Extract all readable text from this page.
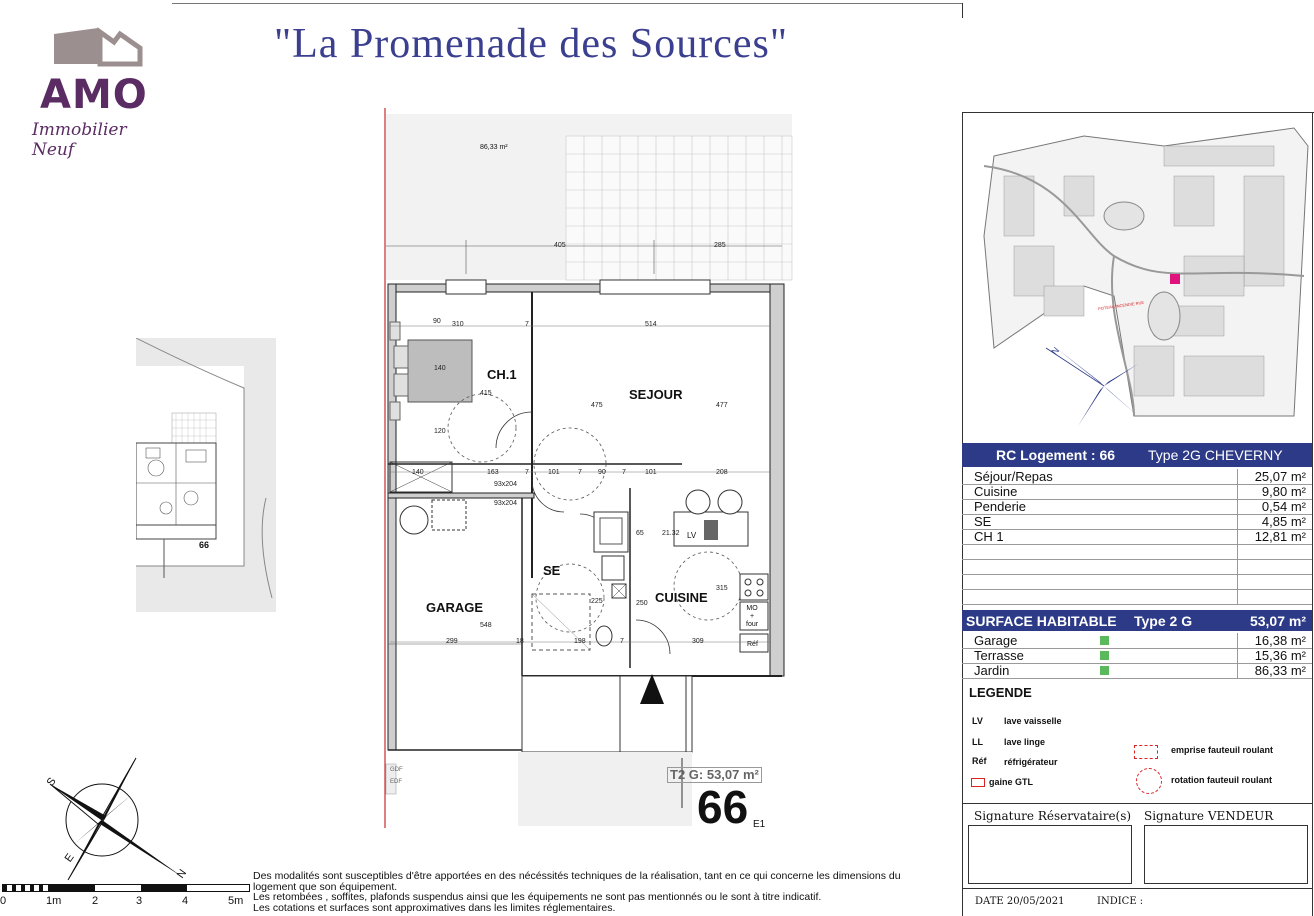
AMO
Immobilier Neuf
"La Promenade des Sources"
66
86,33 m²
405	285
90 310	7	514
140	163	7	101	7 90 7	101	208
140
120
415
475	477
548
250
315
225
65	21.32
93x204
93x204
299	18	198	7	309
CH.1
SEJOUR
GARAGE
SE
CUISINE
LV
MO
+
four
Réf
GDF
EDF	T2 G: 53,07 m²
66 E1
S
E
N
0	1m	2	3	4	5m
Des modalités sont susceptibles d'être apportées en des nécéssités techniques de la réalisation, tant en ce qui concerne les dimensions du
logement que son équipement.
Les retombées , soffites, plafonds suspendus ainsi que les équipements ne sont pas mentionnés ou le sont à titre indicatif.
Les cotations et surfaces sont approximatives dans les limites réglementaires.
POTEAU INCENDIE RUE
N
RC Logement : 66 Type 2G CHEVERNY
Séjour/Repas	25,07 m²
Cuisine	9,80 m²
Penderie	0,54 m²
SE	4,85 m²
CH 1	12,81 m²
SURFACE HABITABLE Type 2 G	53,07 m²
Garage	16,38 m²
Terrasse	15,36 m²
Jardin	86,33 m²
LEGENDE
LV lave vaisselle
LL lave linge
Réf réfrigérateur
gaine GTL
emprise fauteuil roulant
rotation fauteuil roulant
Signature Réservataire(s) Signature VENDEUR
DATE 20/05/2021	INDICE :
